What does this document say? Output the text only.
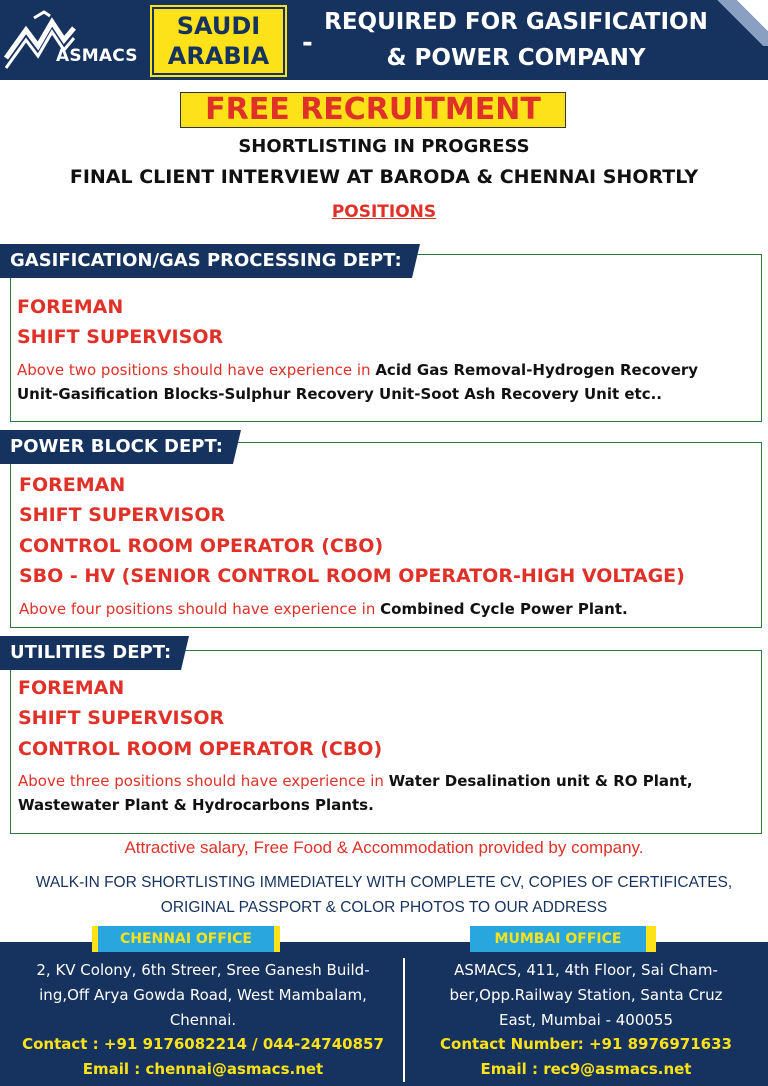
ASMACS
SAUDI
ARABIA	-
REQUIRED FOR GASIFICATION
& POWER COMPANY
FREE RECRUITMENT
SHORTLISTING IN PROGRESS
FINAL CLIENT INTERVIEW AT BARODA & CHENNAI SHORTLY
POSITIONS
GASIFICATION/GAS PROCESSING DEPT:
FOREMAN
SHIFT SUPERVISOR
Above two positions should have experience in Acid Gas Removal-Hydrogen Recovery
Unit-Gasification Blocks-Sulphur Recovery Unit-Soot Ash Recovery Unit etc..
POWER BLOCK DEPT:
FOREMAN
SHIFT SUPERVISOR
CONTROL ROOM OPERATOR (CBO)
SBO - HV (SENIOR CONTROL ROOM OPERATOR-HIGH VOLTAGE)
Above four positions should have experience in Combined Cycle Power Plant.
UTILITIES DEPT:
FOREMAN
SHIFT SUPERVISOR
CONTROL ROOM OPERATOR (CBO)
Above three positions should have experience in Water Desalination unit & RO Plant,
Wastewater Plant & Hydrocarbons Plants.
Attractive salary, Free Food & Accommodation provided by company.
WALK-IN FOR SHORTLISTING IMMEDIATELY WITH COMPLETE CV, COPIES OF CERTIFICATES,
ORIGINAL PASSPORT & COLOR PHOTOS TO OUR ADDRESS
CHENNAI OFFICE	MUMBAI OFFICE
2, KV Colony, 6th Streer, Sree Ganesh Build-
ing,Off Arya Gowda Road, West Mambalam,
Chennai.
Contact : +91 9176082214 / 044-24740857
Email : chennai@asmacs.net
ASMACS, 411, 4th Floor, Sai Cham-
ber,Opp.Railway Station, Santa Cruz
East, Mumbai - 400055
Contact Number: +91 8976971633
Email : rec9@asmacs.net
